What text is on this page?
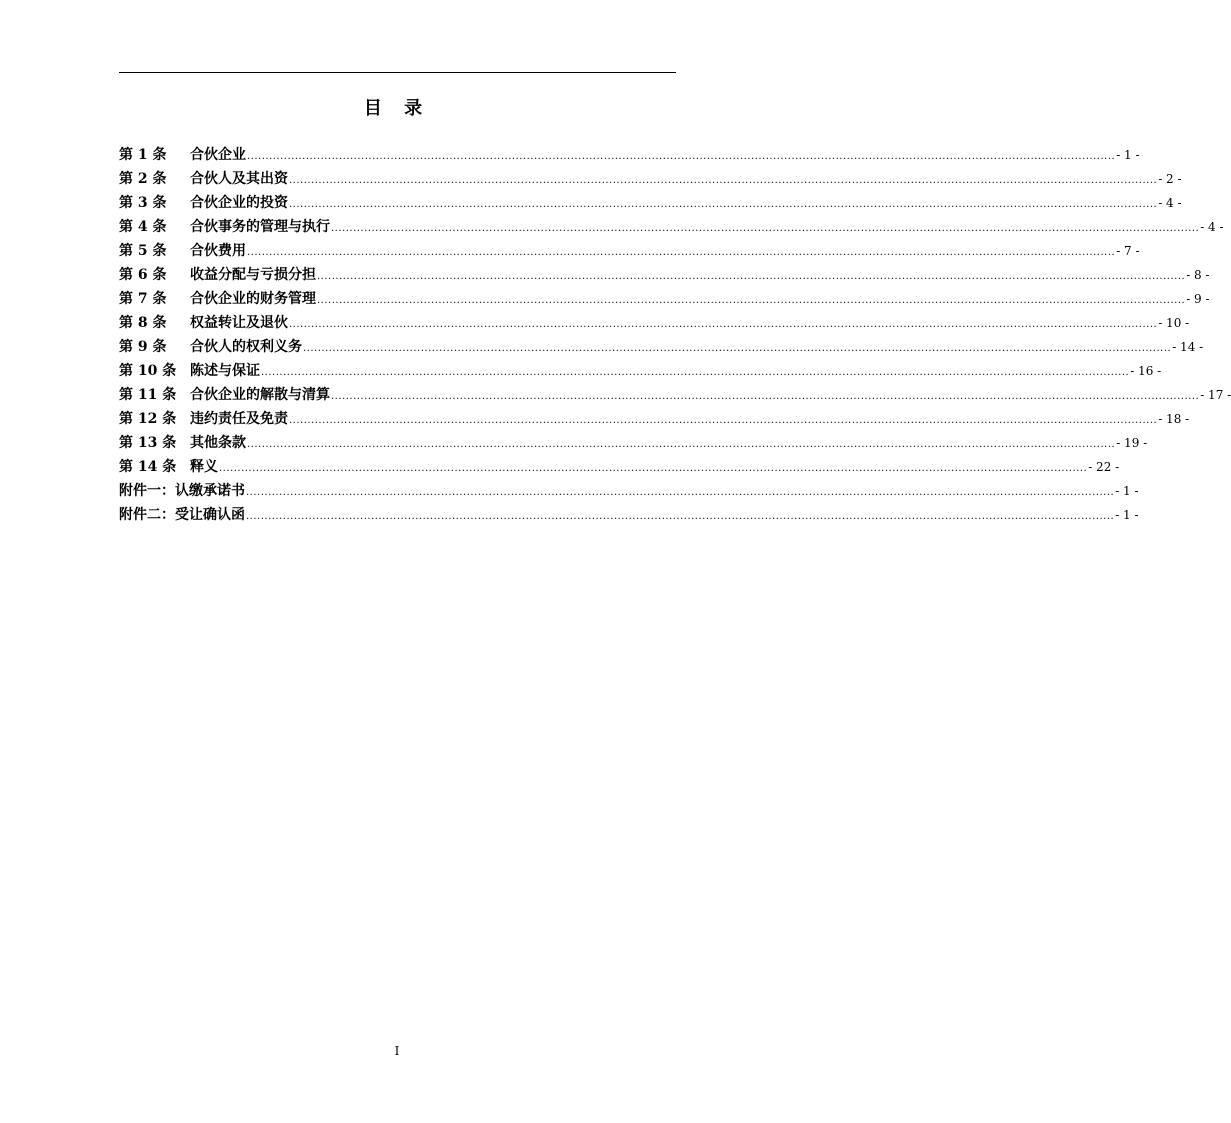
目 录
第 1 条	合伙企业 ............................................................................................................................................................................................................................................ - 1 -
第 2 条	合伙人及其出资 ............................................................................................................................................................................................................................................ - 2 -
第 3 条	合伙企业的投资 ............................................................................................................................................................................................................................................ - 4 -
第 4 条	合伙事务的管理与执行 ............................................................................................................................................................................................................................................ - 4 -
第 5 条	合伙费用 ............................................................................................................................................................................................................................................ - 7 -
第 6 条	收益分配与亏损分担 ............................................................................................................................................................................................................................................ - 8 -
第 7 条	合伙企业的财务管理 ............................................................................................................................................................................................................................................ - 9 -
第 8 条	权益转让及退伙 ............................................................................................................................................................................................................................................ - 10 -
第 9 条	合伙人的权利义务 ............................................................................................................................................................................................................................................ - 14 -
第 10 条 陈述与保证 ............................................................................................................................................................................................................................................ - 16 -
第 11 条 合伙企业的解散与清算 ............................................................................................................................................................................................................................................ - 17 -
第 12 条 违约责任及免责 ............................................................................................................................................................................................................................................ - 18 -
第 13 条 其他条款 ............................................................................................................................................................................................................................................ - 19 -
第 14 条 释义 ............................................................................................................................................................................................................................................ - 22 -
附件一： 认缴承诺书 ............................................................................................................................................................................................................................................ - 1 -
附件二： 受让确认函 ............................................................................................................................................................................................................................................ - 1 -
I
